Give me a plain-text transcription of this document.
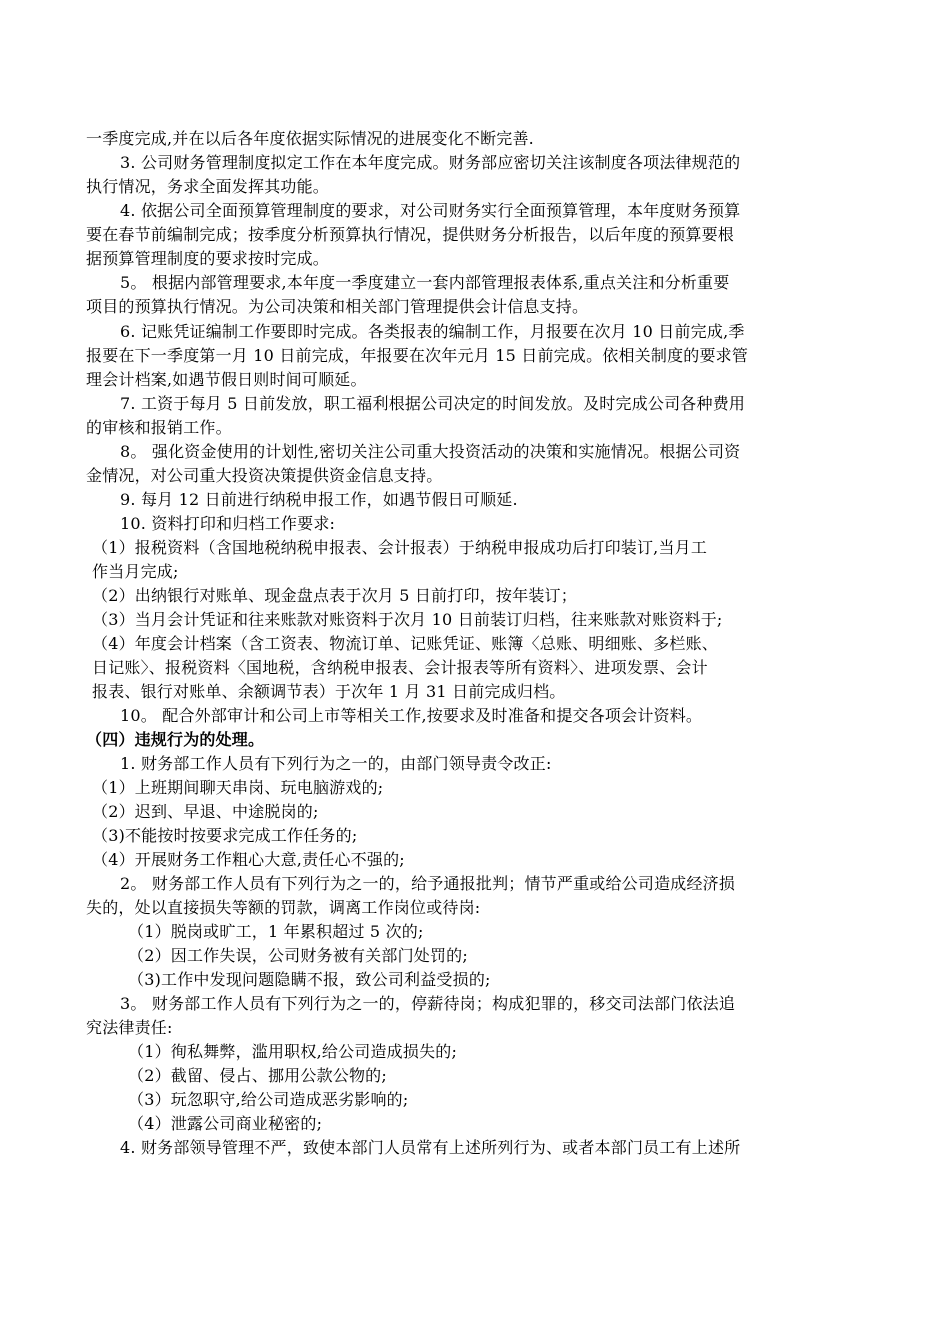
一季度完成,并在以后各年度依据实际情况的进展变化不断完善.
3. 公司财务管理制度拟定工作在本年度完成。财务部应密切关注该制度各项法律规范的
执行情况，务求全面发挥其功能。
4. 依据公司全面预算管理制度的要求，对公司财务实行全面预算管理，本年度财务预算
要在春节前编制完成；按季度分析预算执行情况，提供财务分析报告，以后年度的预算要根
据预算管理制度的要求按时完成。
5。 根据内部管理要求,本年度一季度建立一套内部管理报表体系,重点关注和分析重要
项目的预算执行情况。为公司决策和相关部门管理提供会计信息支持。
6. 记账凭证编制工作要即时完成。各类报表的编制工作，月报要在次月 10 日前完成,季
报要在下一季度第一月 10 日前完成，年报要在次年元月 15 日前完成。依相关制度的要求管
理会计档案,如遇节假日则时间可顺延。
7. 工资于每月 5 日前发放，职工福利根据公司决定的时间发放。及时完成公司各种费用
的审核和报销工作。
8。 强化资金使用的计划性,密切关注公司重大投资活动的决策和实施情况。根据公司资
金情况，对公司重大投资决策提供资金信息支持。
9. 每月 12 日前进行纳税申报工作，如遇节假日可顺延.
10. 资料打印和归档工作要求:
（1）报税资料（含国地税纳税申报表、会计报表）于纳税申报成功后打印装订,当月工
作当月完成;
（2）出纳银行对账单、现金盘点表于次月 5 日前打印，按年装订；
（3）当月会计凭证和往来账款对账资料于次月 10 日前装订归档，往来账款对账资料于;
（4）年度会计档案（含工资表、物流订单、记账凭证、账簿〈总账、明细账、多栏账、
日记账〉、报税资料〈国地税，含纳税申报表、会计报表等所有资料〉、进项发票、会计
报表、银行对账单、余额调节表）于次年 1 月 31 日前完成归档。
10。 配合外部审计和公司上市等相关工作,按要求及时准备和提交各项会计资料。
（四）违规行为的处理。
1. 财务部工作人员有下列行为之一的，由部门领导责令改正:
（1）上班期间聊天串岗、玩电脑游戏的;
（2）迟到、早退、中途脱岗的;
（3)不能按时按要求完成工作任务的;
（4）开展财务工作粗心大意,责任心不强的;
2。 财务部工作人员有下列行为之一的，给予通报批判；情节严重或给公司造成经济损
失的，处以直接损失等额的罚款，调离工作岗位或待岗:
（1）脱岗或旷工，1 年累积超过 5 次的;
（2）因工作失误，公司财务被有关部门处罚的;
（3)工作中发现问题隐瞒不报，致公司利益受损的;
3。 财务部工作人员有下列行为之一的，停薪待岗；构成犯罪的，移交司法部门依法追
究法律责任:
（1）徇私舞弊，滥用职权,给公司造成损失的;
（2）截留、侵占、挪用公款公物的;
（3）玩忽职守,给公司造成恶劣影响的;
（4）泄露公司商业秘密的;
4. 财务部领导管理不严，致使本部门人员常有上述所列行为、或者本部门员工有上述所
